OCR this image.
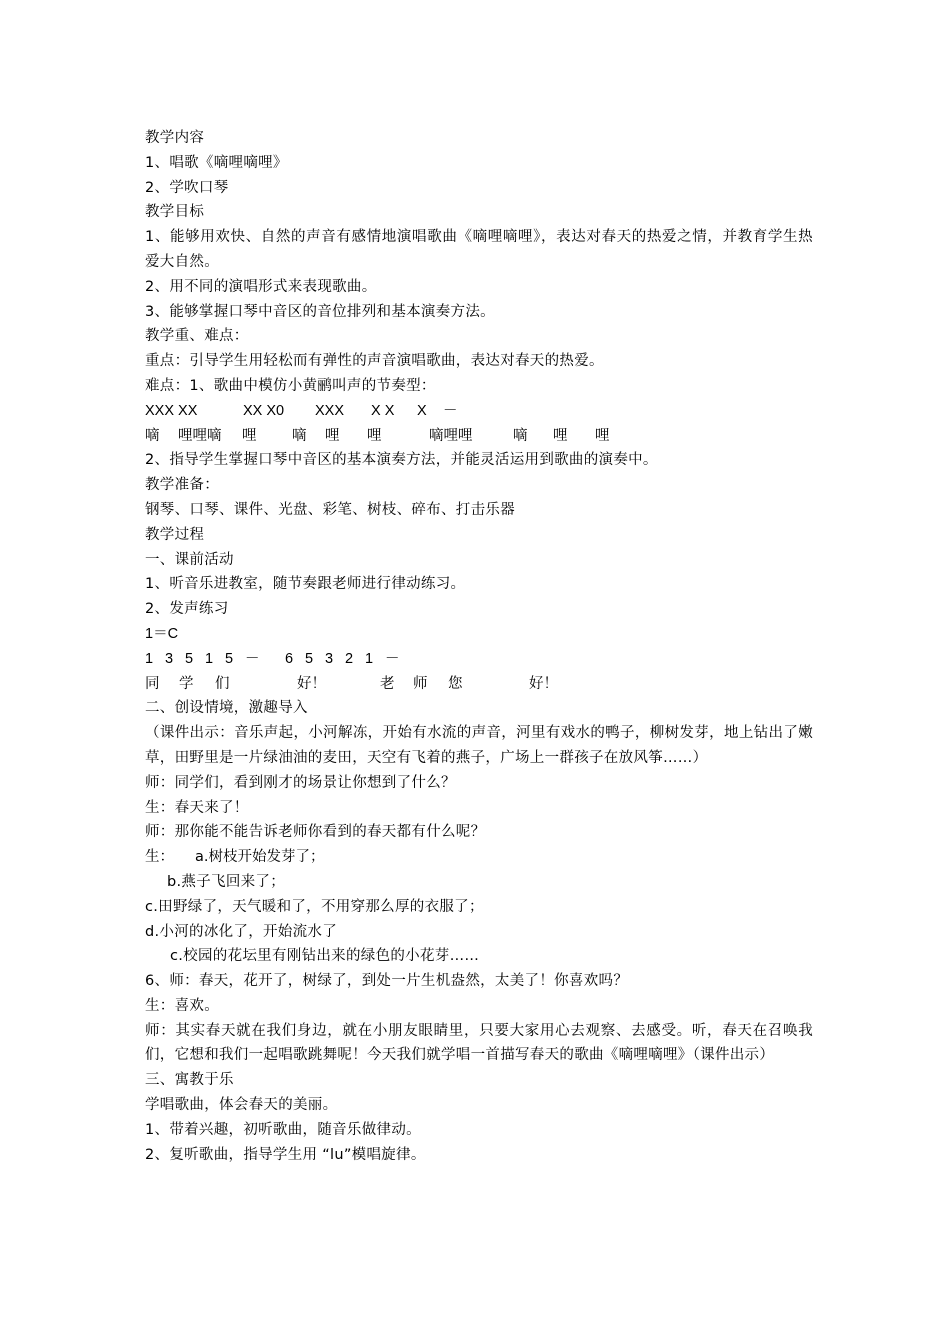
教学内容
1、唱歌《嘀哩嘀哩》
2、学吹口琴
教学目标
1、能够用欢快、自然的声音有感情地演唱歌曲《嘀哩嘀哩》，表达对春天的热爱之情，并教育学生热爱大自然。
2、用不同的演唱形式来表现歌曲。
3、能够掌握口琴中音区的音位排列和基本演奏方法。
教学重、难点：
重点：引导学生用轻松而有弹性的声音演唱歌曲，表达对春天的热爱。
难点：1、歌曲中模仿小黄鹂叫声的节奏型：
XXX XX	XX X0	XXX	X X	X	－
嘀	哩哩嘀	哩	嘀	哩	哩	嘀哩哩	嘀	哩	哩
2、指导学生掌握口琴中音区的基本演奏方法，并能灵活运用到歌曲的演奏中。
教学准备：
钢琴、口琴、课件、光盘、彩笔、树枝、碎布、打击乐器
教学过程
一、课前活动
1、听音乐进教室，随节奏跟老师进行律动练习。
2、发声练习
1＝C
1 3 5 1 5 －	6 5 3 2 1 －
同	学	们	好！	老	师	您	好！
二、创设情境，激趣导入
（课件出示：音乐声起，小河解冻，开始有水流的声音，河里有戏水的鸭子，柳树发芽，地上钻出了嫩草，田野里是一片绿油油的麦田，天空有飞着的燕子，广场上一群孩子在放风筝……）
师：同学们，看到刚才的场景让你想到了什么？
生：春天来了！
师：那你能不能告诉老师你看到的春天都有什么呢？
生：	a.树枝开始发芽了；
b.燕子飞回来了；
c.田野绿了，天气暖和了，不用穿那么厚的衣服了；
d.小河的冰化了，开始流水了
c.校园的花坛里有刚钻出来的绿色的小花芽……
6、师：春天，花开了，树绿了，到处一片生机盎然，太美了！你喜欢吗？
生：喜欢。
师：其实春天就在我们身边，就在小朋友眼睛里，只要大家用心去观察、去感受。听，春天在召唤我们，它想和我们一起唱歌跳舞呢！今天我们就学唱一首描写春天的歌曲《嘀哩嘀哩》（课件出示）
三、寓教于乐
学唱歌曲，体会春天的美丽。
1、带着兴趣，初听歌曲，随音乐做律动。
2、复听歌曲，指导学生用 “lu”模唱旋律。
